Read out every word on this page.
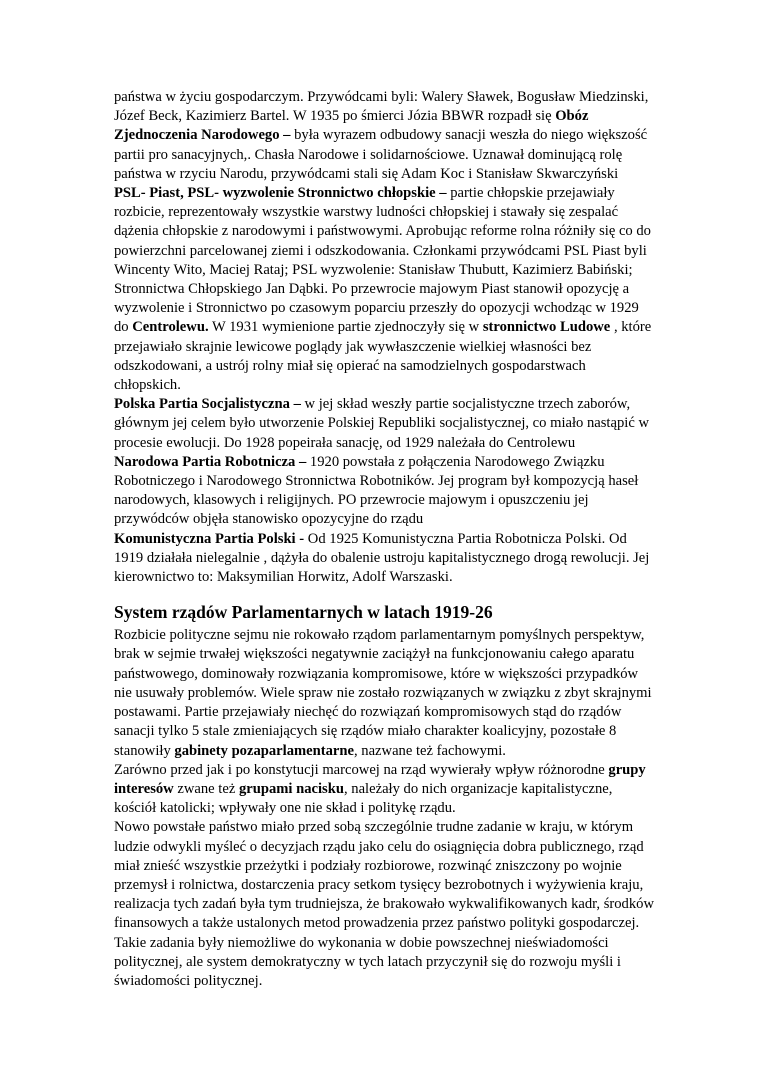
państwa w życiu gospodarczym. Przywódcami byli: Walery Sławek, Bogusław Miedzinski, Józef Beck, Kazimierz Bartel. W 1935 po śmierci Józia BBWR rozpadł się Obóz Zjednoczenia Narodowego – była wyrazem odbudowy sanacji weszła do niego większość partii pro sanacyjnych,. Chasła Narodowe i solidarnościowe. Uznawał dominującą rolę państwa w rzyciu Narodu, przywódcami stali się Adam Koc i Stanisław Skwarczyński

PSL- Piast, PSL- wyzwolenie Stronnictwo chłopskie – partie chłopskie przejawiały rozbicie, reprezentowały wszystkie warstwy ludności chłopskiej i stawały się zespalać dążenia chłopskie z narodowymi i państwowymi. Aprobując reforme rolna różniły się co do powierzchni parcelowanej ziemi i odszkodowania. Członkami przywódcami PSL Piast byli Wincenty Wito, Maciej Rataj; PSL wyzwolenie: Stanisław Thubutt, Kazimierz Babiński; Stronnictwa Chłopskiego Jan Dąbki. Po przewrocie majowym Piast stanowił opozycję a wyzwolenie i Stronnictwo po czasowym poparciu przeszły do opozycji wchodząc w 1929 do Centrolewu. W 1931 wymienione partie zjednoczyły się w stronnictwo Ludowe , które przejawiało skrajnie lewicowe poglądy jak wywłaszczenie wielkiej własności bez odszkodowani, a ustrój rolny miał się opierać na samodzielnych gospodarstwach chłopskich.

Polska Partia Socjalistyczna – w jej skład weszły partie socjalistyczne trzech zaborów, głównym jej celem było utworzenie Polskiej Republiki socjalistycznej, co miało nastąpić w procesie ewolucji. Do 1928 popeirała sanację, od 1929 należała do Centrolewu

Narodowa Partia Robotnicza – 1920 powstała z połączenia Narodowego Związku Robotniczego i Narodowego Stronnictwa Robotników. Jej program był kompozycją haseł narodowych, klasowych i religijnych. PO przewrocie majowym i opuszczeniu jej przywódców objęła stanowisko opozycyjne do rządu

Komunistyczna Partia Polski - Od 1925 Komunistyczna Partia Robotnicza Polski. Od 1919 działała nielegalnie , dążyła do obalenie ustroju kapitalistycznego drogą rewolucji. Jej kierownictwo to: Maksymilian Horwitz, Adolf Warszaski.

System rządów Parlamentarnych w latach 1919-26

Rozbicie polityczne sejmu nie rokowało rządom parlamentarnym pomyślnych perspektyw, brak w sejmie trwałej większości negatywnie zaciążył na funkcjonowaniu całego aparatu państwowego, dominowały rozwiązania kompromisowe, które w większości przypadków nie usuwały problemów. Wiele spraw nie zostało rozwiązanych w związku z zbyt skrajnymi postawami. Partie przejawiały niechęć do rozwiązań kompromisowych stąd do rządów sanacji tylko 5 stale zmieniających się rządów miało charakter koalicyjny, pozostałe 8 stanowiły gabinety pozaparlamentarne, nazwane też fachowymi.

Zarówno przed jak i po konstytucji marcowej na rząd wywierały wpływ różnorodne grupy interesów zwane też grupami nacisku, należały do nich organizacje kapitalistyczne, kościół katolicki; wpływały one nie skład i politykę rządu.

Nowo powstałe państwo miało przed sobą szczególnie trudne zadanie w kraju, w którym ludzie odwykli myśleć o decyzjach rządu jako celu do osiągnięcia dobra publicznego, rząd miał znieść wszystkie przeżytki i podziały rozbiorowe, rozwinąć zniszczony po wojnie przemysł i rolnictwa, dostarczenia pracy setkom tysięcy bezrobotnych i wyżywienia kraju, realizacja tych zadań była tym trudniejsza, że brakowało wykwalifikowanych kadr, środków finansowych a także ustalonych metod prowadzenia przez państwo polityki gospodarczej. Takie zadania były niemożliwe do wykonania w dobie powszechnej nieświadomości politycznej, ale system demokratyczny w tych latach przyczynił się do rozwoju myśli i świadomości politycznej.
